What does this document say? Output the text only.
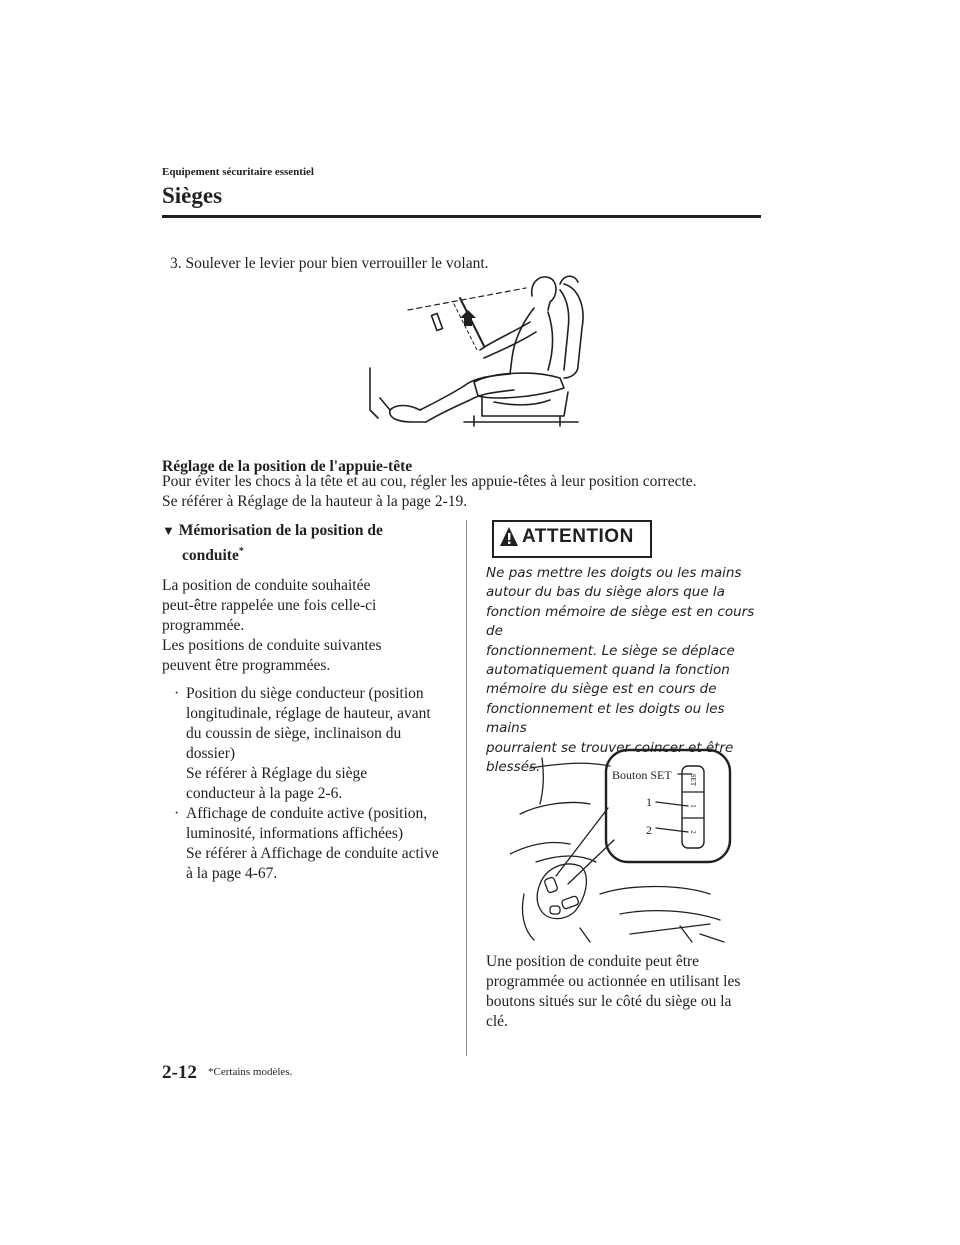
Equipement sécuritaire essentiel
Sièges
3. Soulever le levier pour bien verrouiller le volant.
Réglage de la position de l'appuie-tête
Pour éviter les chocs à la tête et au cou, régler les appuie-têtes à leur position correcte.
Se référer à Réglage de la hauteur à la page 2-19.
▼ Mémorisation de la position de
conduite*
La position de conduite souhaitée
peut-être rappelée une fois celle-ci
programmée.
Les positions de conduite suivantes
peuvent être programmées.
· Position du siège conducteur (position
longitudinale, réglage de hauteur, avant
du coussin de siège, inclinaison du
dossier)
Se référer à Réglage du siège
conducteur à la page 2-6.
· Affichage de conduite active (position,
luminosité, informations affichées)
Se référer à Affichage de conduite active
à la page 4-67.
ATTENTION
Ne pas mettre les doigts ou les mains
autour du bas du siège alors que la
fonction mémoire de siège est en cours de
fonctionnement. Le siège se déplace
automatiquement quand la fonction
mémoire du siège est en cours de
fonctionnement et les doigts ou les mains
pourraient se trouver coincer et être
blessés.
SET
1
2
Bouton SET
1
2
Une position de conduite peut être
programmée ou actionnée en utilisant les
boutons situés sur le côté du siège ou la
clé.
2-12 *Certains modèles.
